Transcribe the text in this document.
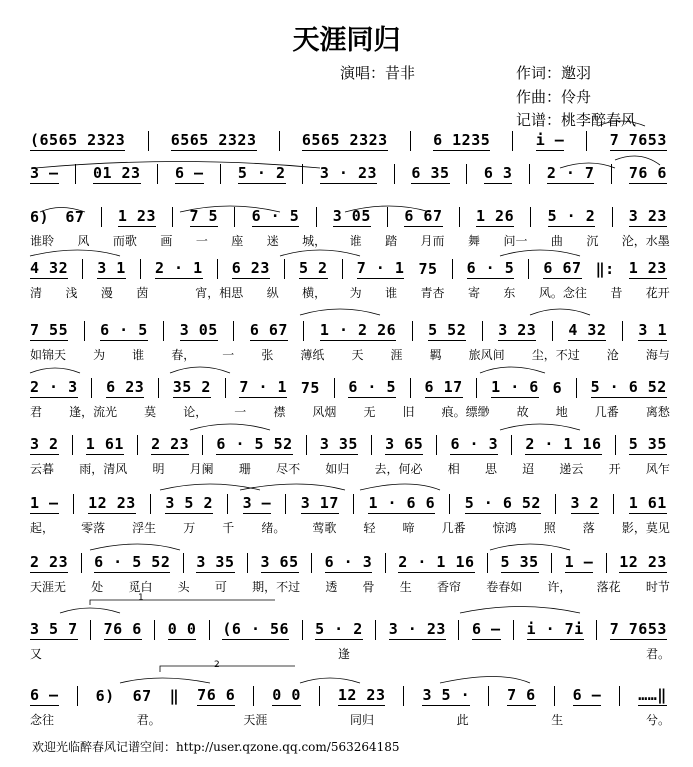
天涯同归
演唱：昔非	作词：邀羽
作曲：伶舟
记谱：桃李醉春风
(6565 2323	6565 2323	6565 2323	6 1235	i –	7 7653
3 – 01 23 6 – 5 · 2 3 · 23 6 35 6 3 2 · 7 76 6
6) 67 1 23 7 5 6 · 5 3 05 6 67 1 26 5 · 2 3 23
谁聆 风 而歌 画 一 座 迷 城， 谁 踏 月而 舞 问一 曲 沉 沦，水墨
4 32 3 1 2 · 1 6 23 5 2 7 · 1 75 6 · 5 6 67 ‖: 1 23
清 浅 漫 茵	宵，相思 纵 横， 为 谁 青杏 寄 东 风。念往 昔 花开
7 55 6 · 5 3 05 6 67 1 · 2 26 5 52 3 23 4 32 3 1
如锦天 为 谁 春， 一 张 薄纸 天 涯 羁 旅风间 尘，不过 沧 海与
2 · 3 6 23 35 2 7 · 1 75 6 · 5 6 17 1 · 6 6 5 · 6 52
君 逢，流光 莫 论， 一 襟 风烟 无 旧 痕。缥缈 故 地 几番 离愁
3 2 1 61 2 23 6 · 5 52 3 35 3 65 6 · 3 2 · 1 16 5 35
云暮 雨，清风 明 月阑 珊 尽不 如归 去，何必 相 思 迢 递云 开 风乍
1 – 12 23 3 5 2 3 – 3 17 1 · 6 6 5 · 6 52 3 2 1 61
起， 零落 浮生 万 千 绪。 莺歌 轻 啼 几番 惊鸿 照 落 影，莫见
2 23 6 · 5 52 3 35 3 65 6 · 3 2 · 1 16 5 35 1 – 12 23
天涯无 处 觅白 头 可 期，不过 透 骨 生 香帘 卷春如 许， 落花 时节
3 5 7 76 6 0 0 (6 · 56 5 · 2 3 · 23 6 – i · 7i 7 7653
又	逢	君。
6 – 6) 67 ‖ 76 6 0 0 12 23 3 5 · 7 6 6 – ……‖
念往	君。	天涯	同归	此	生	兮。
1
2
欢迎光临醉春风记谱空间：http://user.qzone.qq.com/563264185
